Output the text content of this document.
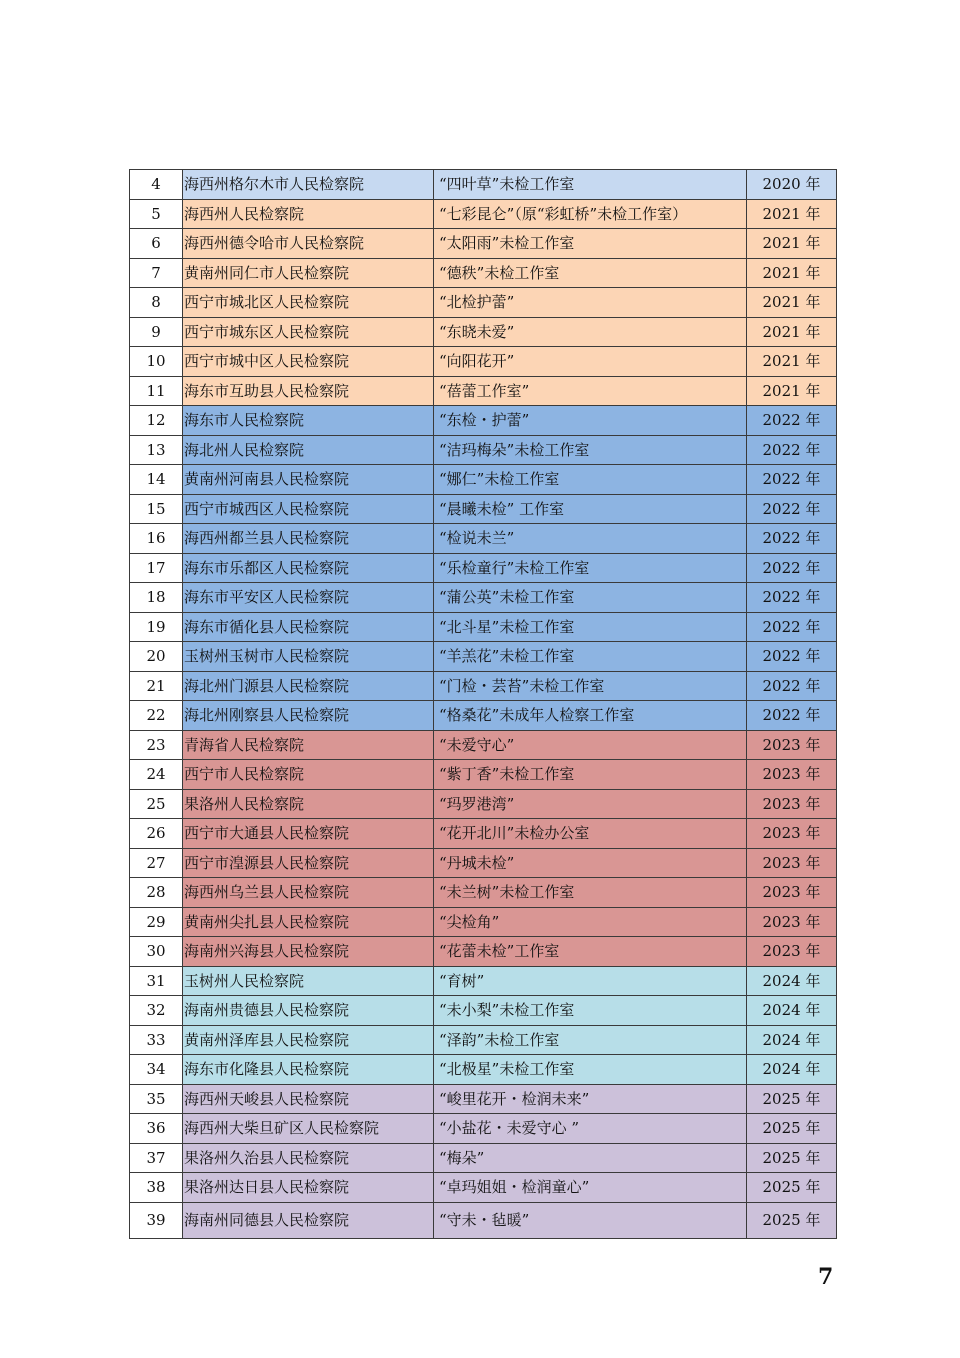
4	海西州格尔木市人民检察院	“四叶草”未检工作室	2020 年
5	海西州人民检察院	“七彩昆仑”（原“彩虹桥”未检工作室）	2021 年
6	海西州德令哈市人民检察院	“太阳雨”未检工作室	2021 年
7	黄南州同仁市人民检察院	“德秩”未检工作室	2021 年
8	西宁市城北区人民检察院	“北检护蕾”	2021 年
9	西宁市城东区人民检察院	“东晓未爱”	2021 年
10	西宁市城中区人民检察院	“向阳花开”	2021 年
11	海东市互助县人民检察院	“蓓蕾工作室”	2021 年
12	海东市人民检察院	“东检・护蕾”	2022 年
13	海北州人民检察院	“洁玛梅朵”未检工作室	2022 年
14	黄南州河南县人民检察院	“娜仁”未检工作室	2022 年
15	西宁市城西区人民检察院	“晨曦未检” 工作室	2022 年
16	海西州都兰县人民检察院	“检说未兰”	2022 年
17	海东市乐都区人民检察院	“乐检童行”未检工作室	2022 年
18	海东市平安区人民检察院	“蒲公英”未检工作室	2022 年
19	海东市循化县人民检察院	“北斗星”未检工作室	2022 年
20	玉树州玉树市人民检察院	“羊羔花”未检工作室	2022 年
21	海北州门源县人民检察院	“门检・芸苔”未检工作室	2022 年
22	海北州刚察县人民检察院	“格桑花”未成年人检察工作室	2022 年
23	青海省人民检察院	“未爱守心”	2023 年
24	西宁市人民检察院	“紫丁香”未检工作室	2023 年
25	果洛州人民检察院	“玛罗港湾”	2023 年
26	西宁市大通县人民检察院	“花开北川”未检办公室	2023 年
27	西宁市湟源县人民检察院	“丹城未检”	2023 年
28	海西州乌兰县人民检察院	“未兰树”未检工作室	2023 年
29	黄南州尖扎县人民检察院	“尖检角”	2023 年
30	海南州兴海县人民检察院	“花蕾未检”工作室	2023 年
31	玉树州人民检察院	“育树”	2024 年
32	海南州贵德县人民检察院	“未小梨”未检工作室	2024 年
33	黄南州泽库县人民检察院	“泽韵”未检工作室	2024 年
34	海东市化隆县人民检察院	“北极星”未检工作室	2024 年
35	海西州天峻县人民检察院	“峻里花开・检润未来”	2025 年
36	海西州大柴旦矿区人民检察院	“小盐花・未爱守心 ”	2025 年
37	果洛州久治县人民检察院	“梅朵”	2025 年
38	果洛州达日县人民检察院	“卓玛姐姐・检润童心”	2025 年
39	海南州同德县人民检察院	“守未・毡暖”	2025 年
7
